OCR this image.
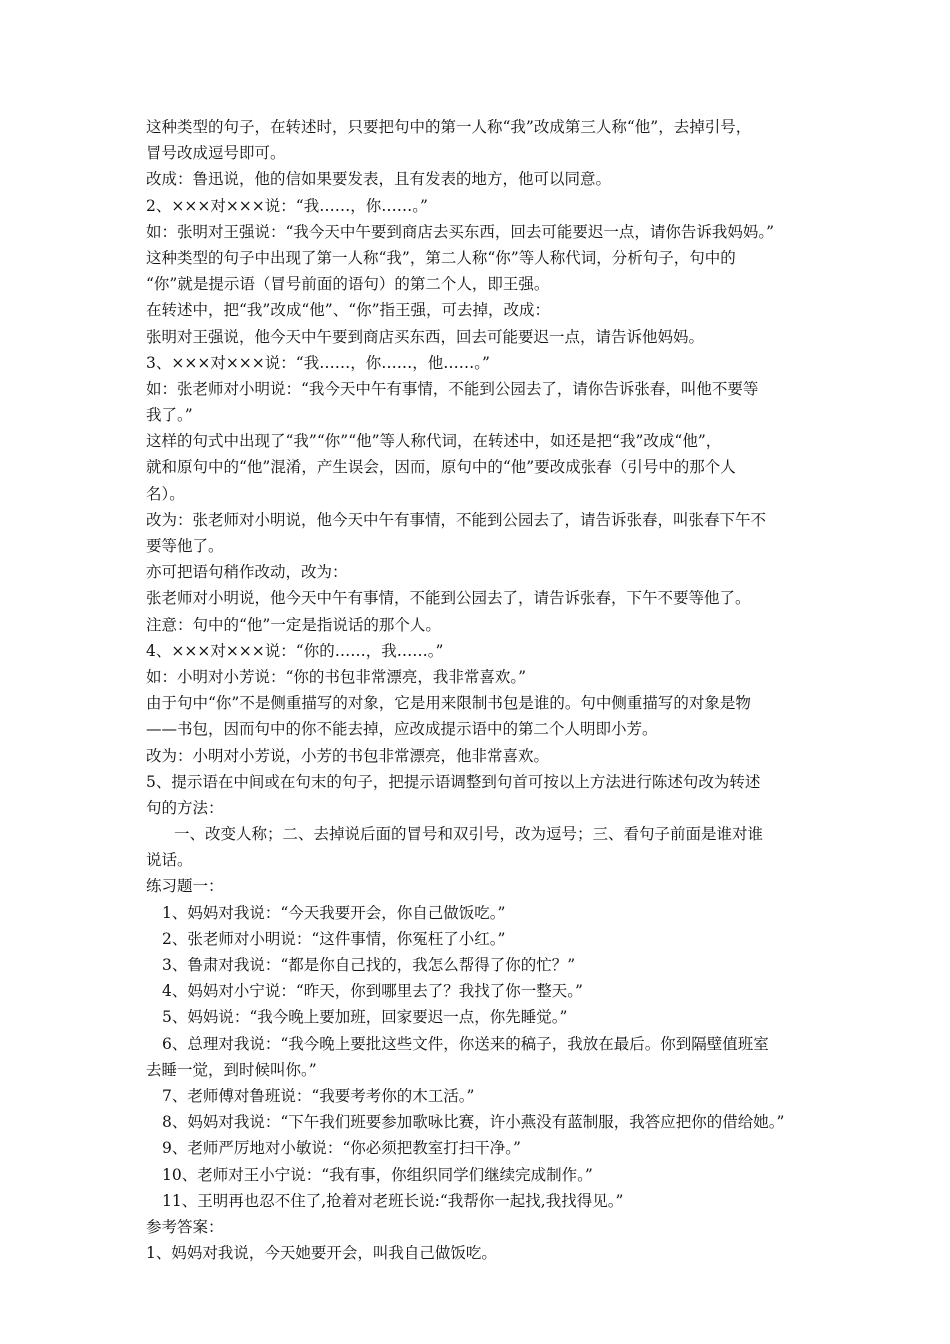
这种类型的句子，在转述时，只要把句中的第一人称“我”改成第三人称“他”，去掉引号，
冒号改成逗号即可。
改成：鲁迅说，他的信如果要发表，且有发表的地方，他可以同意。
2、×××对×××说：“我……，你……。”
如：张明对王强说：“我今天中午要到商店去买东西，回去可能要迟一点，请你告诉我妈妈。”
这种类型的句子中出现了第一人称“我”，第二人称“你”等人称代词，分析句子，句中的
“你”就是提示语（冒号前面的语句）的第二个人，即王强。
在转述中，把“我”改成“他”、“你”指王强，可去掉，改成：
张明对王强说，他今天中午要到商店买东西，回去可能要迟一点，请告诉他妈妈。
3、×××对×××说：“我……，你……，他……。”
如：张老师对小明说：“我今天中午有事情，不能到公园去了，请你告诉张春，叫他不要等
我了。”
这样的句式中出现了“我”“你”“他”等人称代词，在转述中，如还是把“我”改成“他”，
就和原句中的“他”混淆，产生误会，因而，原句中的“他”要改成张春（引号中的那个人
名）。
改为：张老师对小明说，他今天中午有事情，不能到公园去了，请告诉张春，叫张春下午不
要等他了。
亦可把语句稍作改动，改为：
张老师对小明说，他今天中午有事情，不能到公园去了，请告诉张春，下午不要等他了。
注意：句中的“他”一定是指说话的那个人。
4、×××对×××说：“你的……，我……。”
如：小明对小芳说：“你的书包非常漂亮，我非常喜欢。”
由于句中“你”不是侧重描写的对象，它是用来限制书包是谁的。句中侧重描写的对象是物
——书包，因而句中的你不能去掉，应改成提示语中的第二个人明即小芳。
改为：小明对小芳说，小芳的书包非常漂亮，他非常喜欢。
5、提示语在中间或在句末的句子，把提示语调整到句首可按以上方法进行陈述句改为转述
句的方法：
一、改变人称；二、去掉说后面的冒号和双引号，改为逗号；三、看句子前面是谁对谁
说话。
练习题一：
1、妈妈对我说：“今天我要开会，你自己做饭吃。”
2、张老师对小明说：“这件事情，你冤枉了小红。”
3、鲁肃对我说：“都是你自己找的，我怎么帮得了你的忙？”
4、妈妈对小宁说：“昨天，你到哪里去了？我找了你一整天。”
5、妈妈说：“我今晚上要加班，回家要迟一点，你先睡觉。”
6、总理对我说：“我今晚上要批这些文件，你送来的稿子，我放在最后。你到隔壁值班室
去睡一觉，到时候叫你。”
7、老师傅对鲁班说：“我要考考你的木工活。”
8、妈妈对我说：“下午我们班要参加歌咏比赛，许小燕没有蓝制服，我答应把你的借给她。”
9、老师严厉地对小敏说：“你必须把教室打扫干净。”
10、老师对王小宁说：“我有事，你组织同学们继续完成制作。”
11、王明再也忍不住了,抢着对老班长说:“我帮你一起找,我找得见。”
参考答案：
1、妈妈对我说，今天她要开会，叫我自己做饭吃。
